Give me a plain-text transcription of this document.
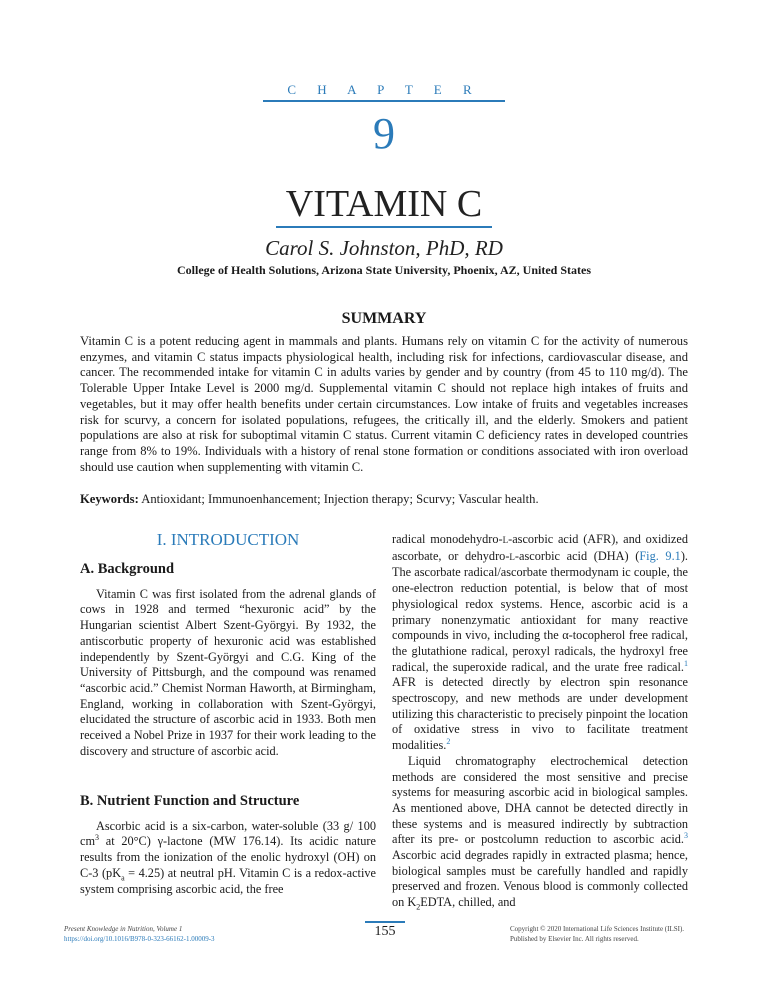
C H A P T E R
9
VITAMIN C
Carol S. Johnston, PhD, RD
College of Health Solutions, Arizona State University, Phoenix, AZ, United States
SUMMARY
Vitamin C is a potent reducing agent in mammals and plants. Humans rely on vitamin C for the activity of numerous enzymes, and vitamin C status impacts physiological health, including risk for infections, cardiovascular disease, and cancer. The recommended intake for vitamin C in adults varies by gender and by country (from 45 to 110 mg/d). The Tolerable Upper Intake Level is 2000 mg/d. Supplemental vitamin C should not replace high intakes of fruits and vegetables, but it may offer health benefits under certain circumstances. Low intake of fruits and vegetables increases risk for scurvy, a concern for isolated populations, refugees, the critically ill, and the elderly. Smokers and patient populations are also at risk for suboptimal vitamin C status. Current vitamin C deficiency rates in developed countries range from 8% to 19%. Individuals with a history of renal stone formation or conditions associated with iron overload should use caution when supplementing with vitamin C.
Keywords: Antioxidant; Immunoenhancement; Injection therapy; Scurvy; Vascular health.
I. INTRODUCTION
A. Background
Vitamin C was first isolated from the adrenal glands of cows in 1928 and termed “hexuronic acid” by the Hungarian scientist Albert Szent-Györgyi. By 1932, the antiscorbutic property of hexuronic acid was established independently by Szent-Györgyi and C.G. King of the University of Pittsburgh, and the compound was renamed “ascorbic acid.” Chemist Norman Haworth, at Birmingham, England, working in collaboration with Szent-Györgyi, elucidated the structure of ascorbic acid in 1933. Both men received a Nobel Prize in 1937 for their work leading to the discovery and structure of ascorbic acid.
B. Nutrient Function and Structure
Ascorbic acid is a six-carbon, water-soluble (33 g/ 100 $cm^3$ at 20°C) γ-lactone (MW 176.14). Its acidic nature results from the ionization of the enolic hydroxyl (OH) on C-3 $(pK_a = 4.25)$ at neutral pH. Vitamin C is a redox-active system comprising ascorbic acid, the free
radical monodehydro-L-ascorbic acid (AFR), and oxidized ascorbate, or dehydro-L-ascorbic acid (DHA) (Fig. 9.1). The ascorbate radical/ascorbate thermodynam ic couple, the one-electron reduction potential, is below that of most physiological redox systems. Hence, ascorbic acid is a primary nonenzymatic antioxidant for many reactive compounds in vivo, including the α-tocopherol free radical, the glutathione radical, peroxyl radicals, the hydroxyl free radical, the superoxide radical, and the urate free radical.$^1$ AFR is detected directly by electron spin resonance spectroscopy, and new methods are under development utilizing this characteristic to precisely pinpoint the location of oxidative stress in vivo to facilitate treatment modalities.$^2$
Liquid chromatography electrochemical detection methods are considered the most sensitive and precise systems for measuring ascorbic acid in biological samples. As mentioned above, DHA cannot be detected directly in these systems and is measured indirectly by subtraction after its pre- or postcolumn reduction to ascorbic acid.$^3$ Ascorbic acid degrades rapidly in extracted plasma; hence, biological samples must be carefully handled and rapidly preserved and frozen. Venous blood is commonly collected on $K_2EDTA$, chilled, and
Present Knowledge in Nutrition, Volume 1
https://doi.org/10.1016/B978-0-323-66162-1.00009-3	155	Copyright © 2020 International Life Sciences Institute (ILSI).
Published by Elsevier Inc. All rights reserved.
